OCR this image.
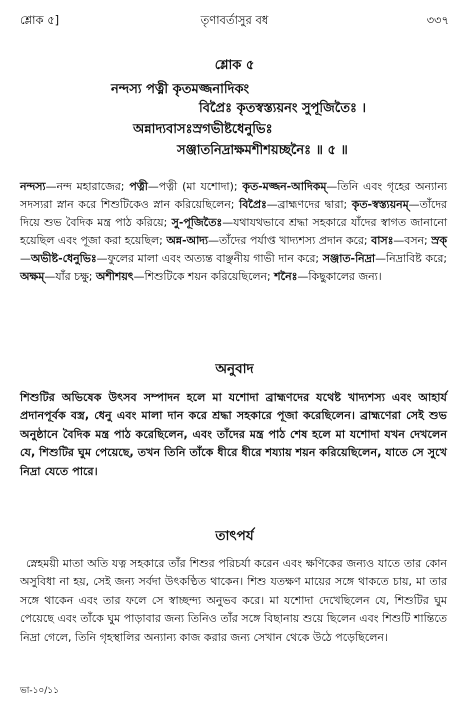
শ্লোক ৫]	তৃণাবর্তাসুর বধ	৩৩৭
শ্লোক ৫
নন্দস্য পত্নী কৃতমজ্জনাদিকং
বিপ্রৈঃ কৃতস্বস্ত্যয়নং সুপূজিতৈঃ ।
অন্নাদ্যবাসঃস্রগভীষ্টধেনুভিঃ
সঞ্জাতনিদ্রাক্ষমশীশয়চ্ছনৈঃ ॥ ৫ ॥

নন্দস্য—নন্দ মহারাজের; পত্নী—পত্নী (মা যশোদা); কৃত-মজ্জন-আদিকম্—তিনি এবং গৃহের অন্যান্য সদস্যরা স্নান করে শিশুটিকেও স্নান করিয়েছিলেন; বিপ্রৈঃ—ব্রাহ্মণদের দ্বারা; কৃত-স্বস্ত্যয়নম্—তাঁদের দিয়ে শুভ বৈদিক মন্ত্র পাঠ করিয়ে; সু-পূজিতৈঃ—যথাযথভাবে শ্রদ্ধা সহকারে যাঁদের স্বাগত জানানো হয়েছিল এবং পূজা করা হয়েছিল; অন্ন-আদ্য—তাঁদের পর্যাপ্ত খাদ্যশস্য প্রদান করে; বাসঃ—বসন; স্রক্—অভীষ্ট-ধেনুভিঃ—ফুলের মালা এবং অত্যন্ত বাঞ্ছনীয় গাভী দান করে; সঞ্জাত-নিদ্রা—নিদ্রাবিষ্ট করে; অক্ষম্—যাঁর চক্ষু; অশীশয়ৎ—শিশুটিকে শয়ন করিয়েছিলেন; শনৈঃ—কিছুকালের জন্য।

অনুবাদ

শিশুটির অভিষেক উৎসব সম্পাদন হলে মা যশোদা ব্রাহ্মণদের যথেষ্ট খাদ্যশস্য এবং আহার্য প্রদানপূর্বক বস্ত্র, ধেনু এবং মালা দান করে শ্রদ্ধা সহকারে পূজা করেছিলেন। ব্রাহ্মণেরা সেই শুভ অনুষ্ঠানে বৈদিক মন্ত্র পাঠ করেছিলেন, এবং তাঁদের মন্ত্র পাঠ শেষ হলে মা যশোদা যখন দেখলেন যে, শিশুটির ঘুম পেয়েছে, তখন তিনি তাঁকে ধীরে ধীরে শয্যায় শয়ন করিয়েছিলেন, যাতে সে সুখে নিদ্রা যেতে পারে।

তাৎপর্য

স্নেহময়ী মাতা অতি যত্ন সহকারে তাঁর শিশুর পরিচর্যা করেন এবং ক্ষণিকের জন্যও যাতে তার কোন অসুবিধা না হয়, সেই জন্য সর্বদা উৎকণ্ঠিত থাকেন। শিশু যতক্ষণ মায়ের সঙ্গে থাকতে চায়, মা তার সঙ্গে থাকেন এবং তার ফলে সে স্বাচ্ছন্দ্য অনুভব করে। মা যশোদা দেখেছিলেন যে, শিশুটির ঘুম পেয়েছে এবং তাঁকে ঘুম পাড়াবার জন্য তিনিও তাঁর সঙ্গে বিছানায় শুয়ে ছিলেন এবং শিশুটি শান্তিতে নিদ্রা গেলে, তিনি গৃহস্থালির অন্যান্য কাজ করার জন্য সেখান থেকে উঠে পড়েছিলেন।

ভা-১০/১১
